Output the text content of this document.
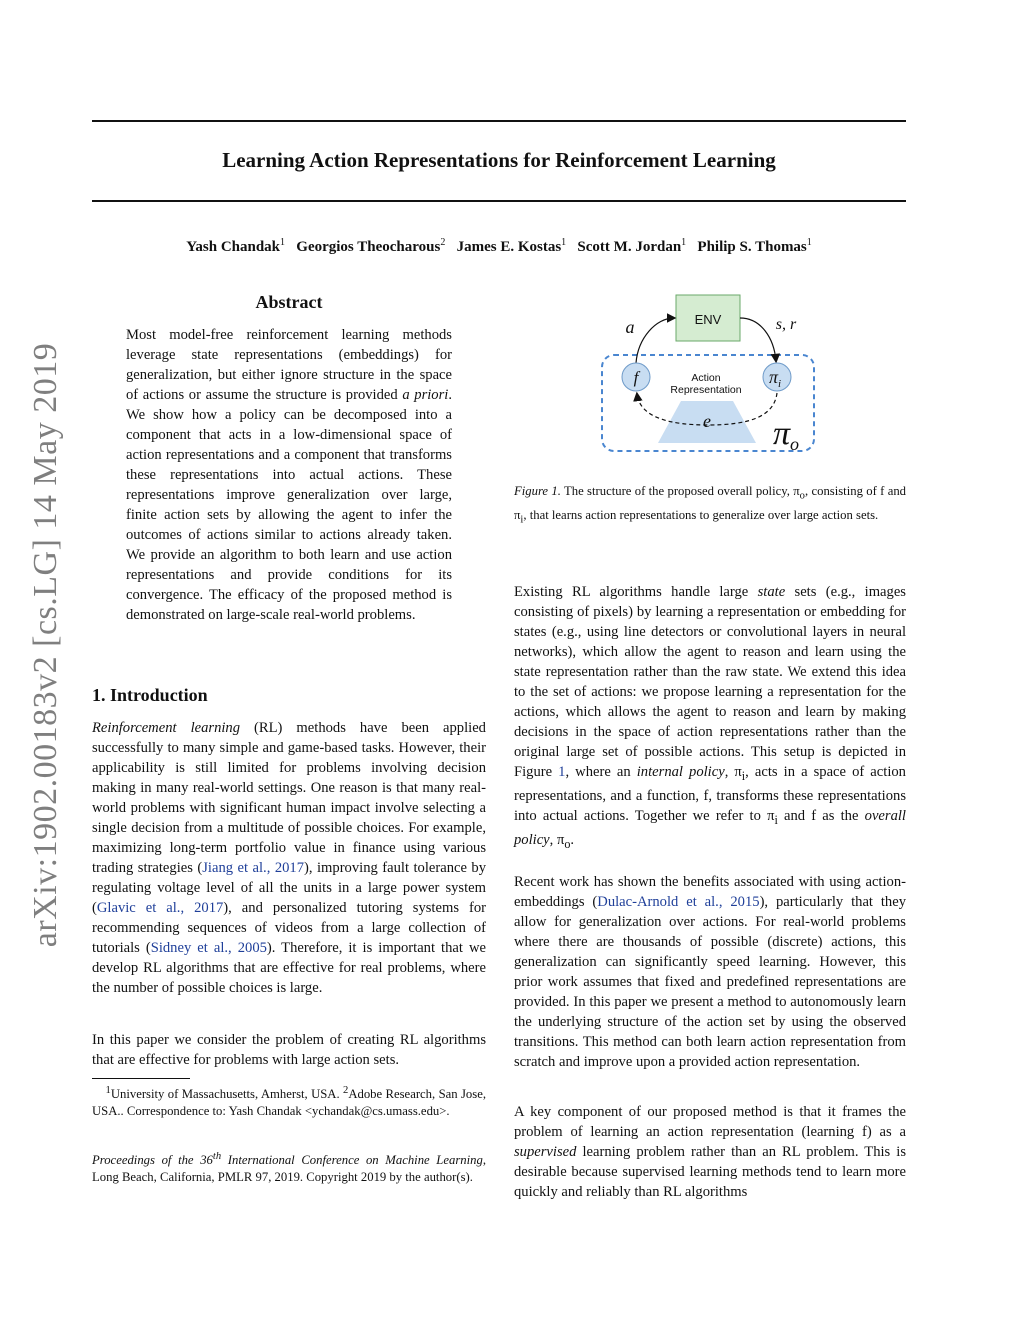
Learning Action Representations for Reinforcement Learning
Yash Chandak$^1$ Georgios Theocharous$^2$ James E. Kostas$^1$ Scott M. Jordan$^1$ Philip S. Thomas$^1$
arXiv:1902.00183v2 [cs.LG] 14 May 2019
Abstract

Most model-free reinforcement learning methods leverage state representations (embeddings) for generalization, but either ignore structure in the space of actions or assume the structure is provided a priori. We show how a policy can be decomposed into a component that acts in a low-dimensional space of action representations and a component that transforms these representations into actual actions. These representations improve generalization over large, finite action sets by allowing the agent to infer the outcomes of actions similar to actions already taken. We provide an algorithm to both learn and use action representations and provide conditions for its convergence. The efficacy of the proposed method is demonstrated on large-scale real-world problems.

1. Introduction

Reinforcement learning (RL) methods have been applied successfully to many simple and game-based tasks. However, their applicability is still limited for problems involving decision making in many real-world settings. One reason is that many real-world problems with significant human impact involve selecting a single decision from a multitude of possible choices. For example, maximizing long-term portfolio value in finance using various trading strategies (Jiang et al., 2017), improving fault tolerance by regulating voltage level of all the units in a large power system (Glavic et al., 2017), and personalized tutoring systems for recommending sequences of videos from a large collection of tutorials (Sidney et al., 2005). Therefore, it is important that we develop RL algorithms that are effective for real problems, where the number of possible choices is large.

In this paper we consider the problem of creating RL algorithms that are effective for problems with large action sets.

$^1$University of Massachusetts, Amherst, USA. $^2$Adobe Research, San Jose, USA.. Correspondence to: Yash Chandak <ychandak@cs.umass.edu>.

Proceedings of the 36th International Conference on Machine Learning, Long Beach, California, PMLR 97, 2019. Copyright 2019 by the author(s).

ENV
a	s, r
f	$\pi_i$
Action
Representation
e πo

Figure 1. The structure of the proposed overall policy, $\pi_o$, consisting of f and $\pi_i$, that learns action representations to generalize over large action sets.

Existing RL algorithms handle large state sets (e.g., images consisting of pixels) by learning a representation or embedding for states (e.g., using line detectors or convolutional layers in neural networks), which allow the agent to reason and learn using the state representation rather than the raw state. We extend this idea to the set of actions: we propose learning a representation for the actions, which allows the agent to reason and learn by making decisions in the space of action representations rather than the original large set of possible actions. This setup is depicted in Figure 1, where an internal policy, $\pi_i$, acts in a space of action representations, and a function, f, transforms these representations into actual actions. Together we refer to $\pi_i$ and f as the overall policy, $\pi_o$.

Recent work has shown the benefits associated with using action-embeddings (Dulac-Arnold et al., 2015), particularly that they allow for generalization over actions. For real-world problems where there are thousands of possible (discrete) actions, this generalization can significantly speed learning. However, this prior work assumes that fixed and predefined representations are provided. In this paper we present a method to autonomously learn the underlying structure of the action set by using the observed transitions. This method can both learn action representation from scratch and improve upon a provided action representation.

A key component of our proposed method is that it frames the problem of learning an action representation (learning f) as a supervised learning problem rather than an RL problem. This is desirable because supervised learning methods tend to learn more quickly and reliably than RL algorithms
